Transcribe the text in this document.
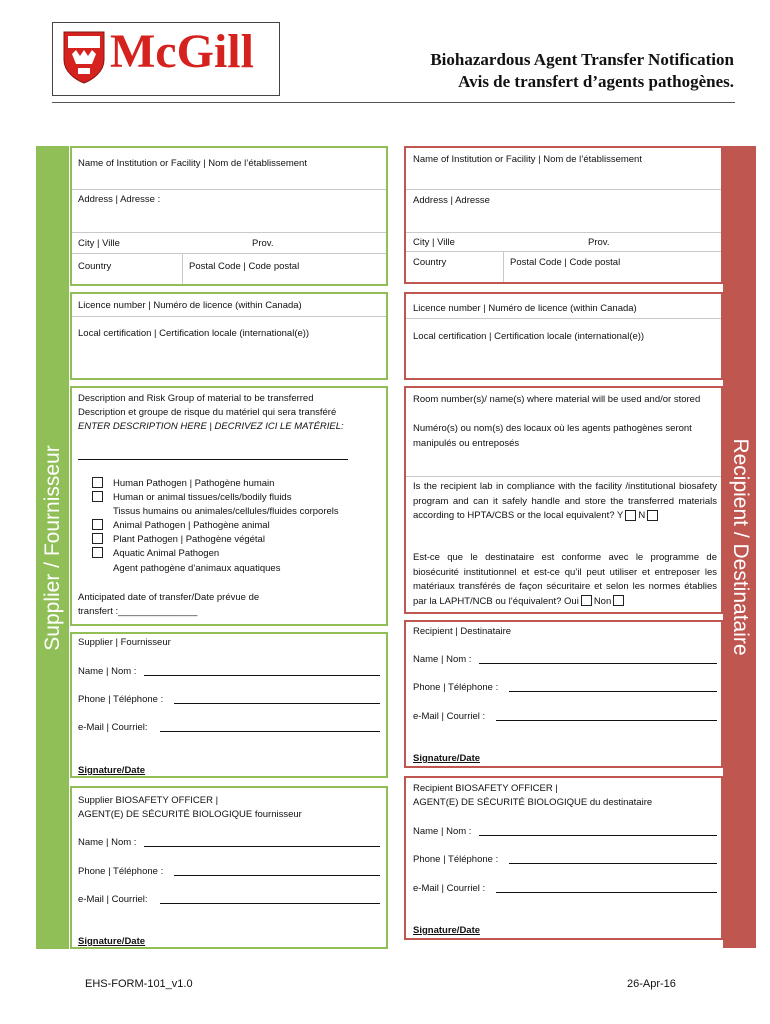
McGill	Biohazardous Agent Transfer Notification
Avis de transfert d’agents pathogènes.
Supplier / Fournisseur	Recipient / Destinataire
Name of Institution or Facility | Nom de l’établissement
Address | Adresse :
City | Ville	Prov.
Country	Postal Code | Code postal
Licence number | Numéro de licence (within Canada)
Local certification | Certification locale (international(e))
Description and Risk Group of material to be transferred
Description et groupe de risque du matériel qui sera transféré
ENTER DESCRIPTION HERE | DECRIVEZ ICI LE MATÉRIEL:
Human Pathogen | Pathogène humain
Human or animal tissues/cells/bodily fluids
Tissus humains ou animales/cellules/fluides corporels
Animal Pathogen | Pathogène animal
Plant Pathogen | Pathogène végétal
Aquatic Animal Pathogen
Agent pathogène d’animaux aquatiques
Anticipated date of transfer/Date prévue de
transfert :_______________
Supplier | Fournisseur
Name | Nom :
Phone | Téléphone :
e-Mail | Courriel:
Signature/Date
Supplier BIOSAFETY OFFICER |
AGENT(E) DE SÉCURITÉ BIOLOGIQUE fournisseur
Name | Nom :
Phone | Téléphone :
e-Mail | Courriel:
Signature/Date
Name of Institution or Facility | Nom de l’établissement
Address | Adresse
City | Ville	Prov.
Country	Postal Code | Code postal
Licence number | Numéro de licence (within Canada)
Local certification | Certification locale (international(e))
Room number(s)/ name(s) where material will be used and/or stored
Numéro(s) ou nom(s) des locaux où les agents pathogènes seront manipulés ou entreposés
Is the recipient lab in compliance with the facility /institutional biosafety program and can it safely handle and store the transferred materials according to HPTA/CBS or the local equivalent? Y N
Est-ce que le destinataire est conforme avec le programme de biosécurité institutionnel et est-ce qu’il peut utiliser et entreposer les matériaux transférés de façon sécuritaire et selon les normes établies par la LAPHT/NCB ou l’équivalent? Oui Non
Recipient | Destinataire
Name | Nom :
Phone | Téléphone :
e-Mail | Courriel :
Signature/Date
Recipient BIOSAFETY OFFICER |
AGENT(E) DE SÉCURITÉ BIOLOGIQUE du destinataire
Name | Nom :
Phone | Téléphone :
e-Mail | Courriel :
Signature/Date
EHS-FORM-101_v1.0	26-Apr-16
